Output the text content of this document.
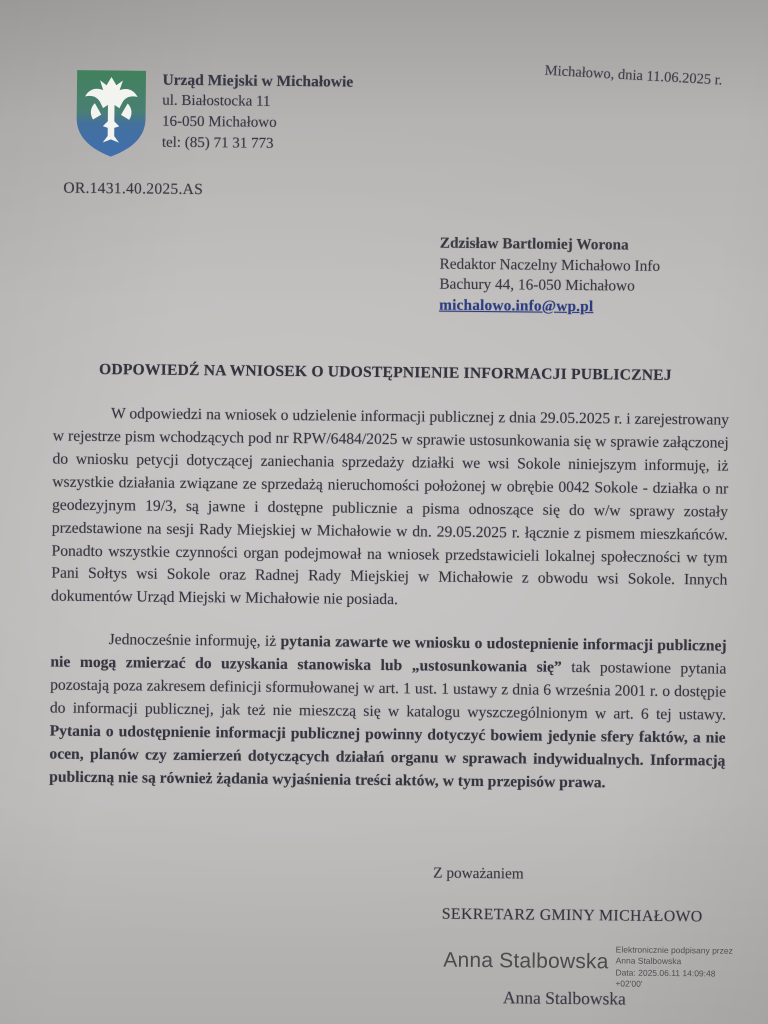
Urząd Miejski w Michałowie
ul. Białostocka 11
16-050 Michałowo
tel: (85) 71 31 773
Michałowo, dnia 11.06.2025 r.
OR.1431.40.2025.AS
Zdzisław Bartlomiej Worona
Redaktor Naczelny Michałowo Info
Bachury 44, 16-050 Michałowo
michalowo.info@wp.pl
ODPOWIEDŹ NA WNIOSEK O UDOSTĘPNIENIE INFORMACJI PUBLICZNEJ
W odpowiedzi na wniosek o udzielenie informacji publicznej z dnia 29.05.2025 r. i zarejestrowany w rejestrze pism wchodzących pod nr RPW/6484/2025 w sprawie ustosunkowania się w sprawie załączonej do wniosku petycji dotyczącej zaniechania sprzedaży działki we wsi Sokole niniejszym informuję, iż wszystkie działania związane ze sprzedażą nieruchomości położonej w obrębie 0042 Sokole - działka o nr geodezyjnym 19/3, są jawne i dostępne publicznie a pisma odnoszące się do w/w sprawy zostały przedstawione na sesji Rady Miejskiej w Michałowie w dn. 29.05.2025 r. łącznie z pismem mieszkańców. Ponadto wszystkie czynności organ podejmował na wniosek przedstawicieli lokalnej społeczności w tym Pani Sołtys wsi Sokole oraz Radnej Rady Miejskiej w Michałowie z obwodu wsi Sokole. Innych dokumentów Urząd Miejski w Michałowie nie posiada.
Jednocześnie informuję, iż pytania zawarte we wniosku o udostepnienie informacji publicznej nie mogą zmierzać do uzyskania stanowiska lub „ustosunkowania się” tak postawione pytania pozostają poza zakresem definicji sformułowanej w art. 1 ust. 1 ustawy z dnia 6 września 2001 r. o dostępie do informacji publicznej, jak też nie mieszczą się w katalogu wyszczególnionym w art. 6 tej ustawy. Pytania o udostępnienie informacji publicznej powinny dotyczyć bowiem jedynie sfery faktów, a nie ocen, planów czy zamierzeń dotyczących działań organu w sprawach indywidualnych. Informacją publiczną nie są również żądania wyjaśnienia treści aktów, w tym przepisów prawa.
Z poważaniem
SEKRETARZ GMINY MICHAŁOWO
Anna Stalbowska Elektronicznie podpisany przez
Anna Stalbowska
Data: 2025.06.11 14:09:48 +02'00'
Anna Stalbowska
